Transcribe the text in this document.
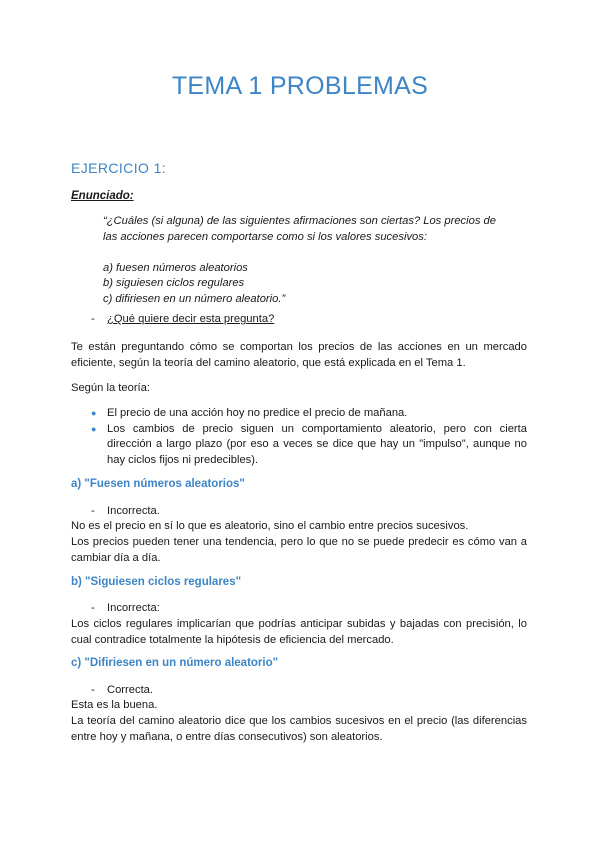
TEMA 1 PROBLEMAS
EJERCICIO 1:
Enunciado:

“¿Cuáles (si alguna) de las siguientes afirmaciones son ciertas? Los precios de

las acciones parecen comportarse como si los valores sucesivos:

a) fuesen números aleatorios

b) siguiesen ciclos regulares

c) difiriesen en un número aleatorio.”

- ¿Qué quiere decir esta pregunta?

Te están preguntando cómo se comportan los precios de las acciones en un mercado eficiente, según la teoría del camino aleatorio, que está explicada en el Tema 1.

Según la teoría:

● El precio de una acción hoy no predice el precio de mañana.
● Los cambios de precio siguen un comportamiento aleatorio, pero con cierta dirección a largo plazo (por eso a veces se dice que hay un "impulso", aunque no hay ciclos fijos ni predecibles).
a) "Fuesen números aleatorios"
- Incorrecta.

No es el precio en sí lo que es aleatorio, sino el cambio entre precios sucesivos.

Los precios pueden tener una tendencia, pero lo que no se puede predecir es cómo van a cambiar día a día.

b) "Siguiesen ciclos regulares"
- Incorrecta:

Los ciclos regulares implicarían que podrías anticipar subidas y bajadas con precisión, lo cual contradice totalmente la hipótesis de eficiencia del mercado.

c) "Difiriesen en un número aleatorio"
- Correcta.

Esta es la buena.

La teoría del camino aleatorio dice que los cambios sucesivos en el precio (las diferencias entre hoy y mañana, o entre días consecutivos) son aleatorios.
